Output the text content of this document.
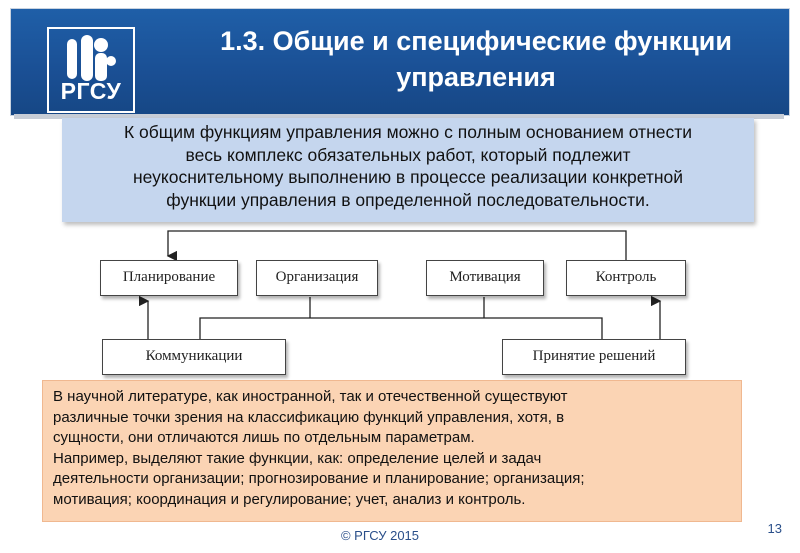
РГСУ
1.3. Общие и специфические функции
управления
К общим функциям управления можно с полным основанием отнести
весь комплекс обязательных работ, который подлежит
неукоснительному выполнению в процессе реализации конкретной
функции управления в определенной последовательности.
Планирование	Организация	Мотивация	Контроль
Коммуникации	Принятие решений
В научной литературе, как иностранной, так и отечественной существуют
различные точки зрения на классификацию функций управления, хотя, в
сущности, они отличаются лишь по отдельным параметрам.
Например, выделяют такие функции, как: определение целей и задач
деятельности организации; прогнозирование и планирование; организация;
мотивация; координация и регулирование; учет, анализ и контроль.
© РГСУ 2015	13
